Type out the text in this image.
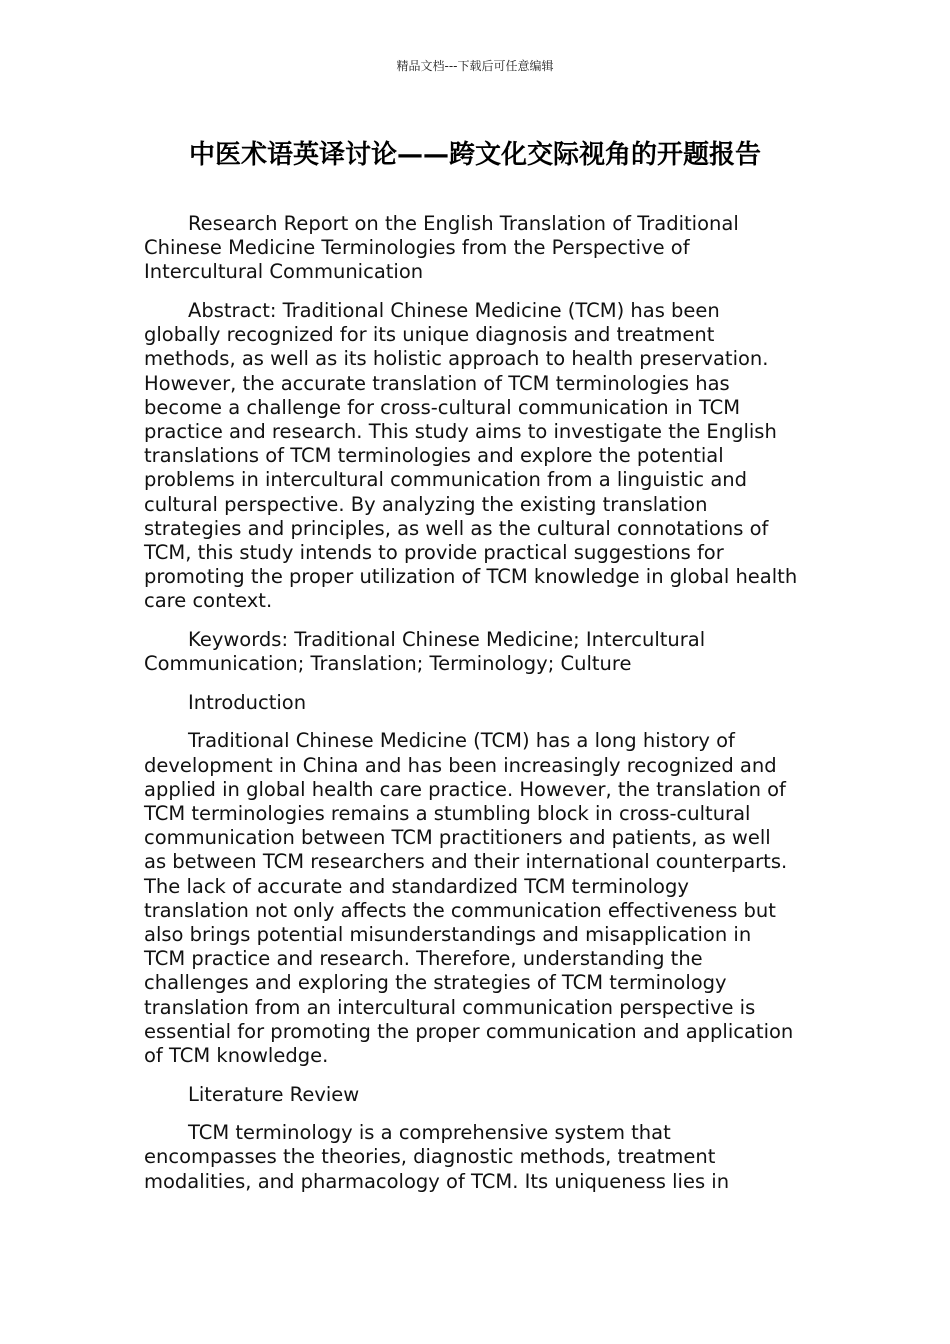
精品文档---下载后可任意编辑
中医术语英译讨论——跨文化交际视角的开题报告

Research Report on the English Translation of Traditional Chinese Medicine Terminologies from the Perspective of Intercultural Communication

Abstract: Traditional Chinese Medicine (TCM) has been globally recognized for its unique diagnosis and treatment methods, as well as its holistic approach to health preservation. However, the accurate translation of TCM terminologies has become a challenge for cross-cultural communication in TCM practice and research. This study aims to investigate the English translations of TCM terminologies and explore the potential problems in intercultural communication from a linguistic and cultural perspective. By analyzing the existing translation strategies and principles, as well as the cultural connotations of TCM, this study intends to provide practical suggestions for promoting the proper utilization of TCM knowledge in global health care context.

Keywords: Traditional Chinese Medicine; Intercultural Communication; Translation; Terminology; Culture

Introduction

Traditional Chinese Medicine (TCM) has a long history of development in China and has been increasingly recognized and applied in global health care practice. However, the translation of TCM terminologies remains a stumbling block in cross-cultural communication between TCM practitioners and patients, as well as between TCM researchers and their international counterparts. The lack of accurate and standardized TCM terminology translation not only affects the communication effectiveness but also brings potential misunderstandings and misapplication in TCM practice and research. Therefore, understanding the challenges and exploring the strategies of TCM terminology translation from an intercultural communication perspective is essential for promoting the proper communication and application of TCM knowledge.

Literature Review

TCM terminology is a comprehensive system that encompasses the theories, diagnostic methods, treatment modalities, and pharmacology of TCM. Its uniqueness lies in
